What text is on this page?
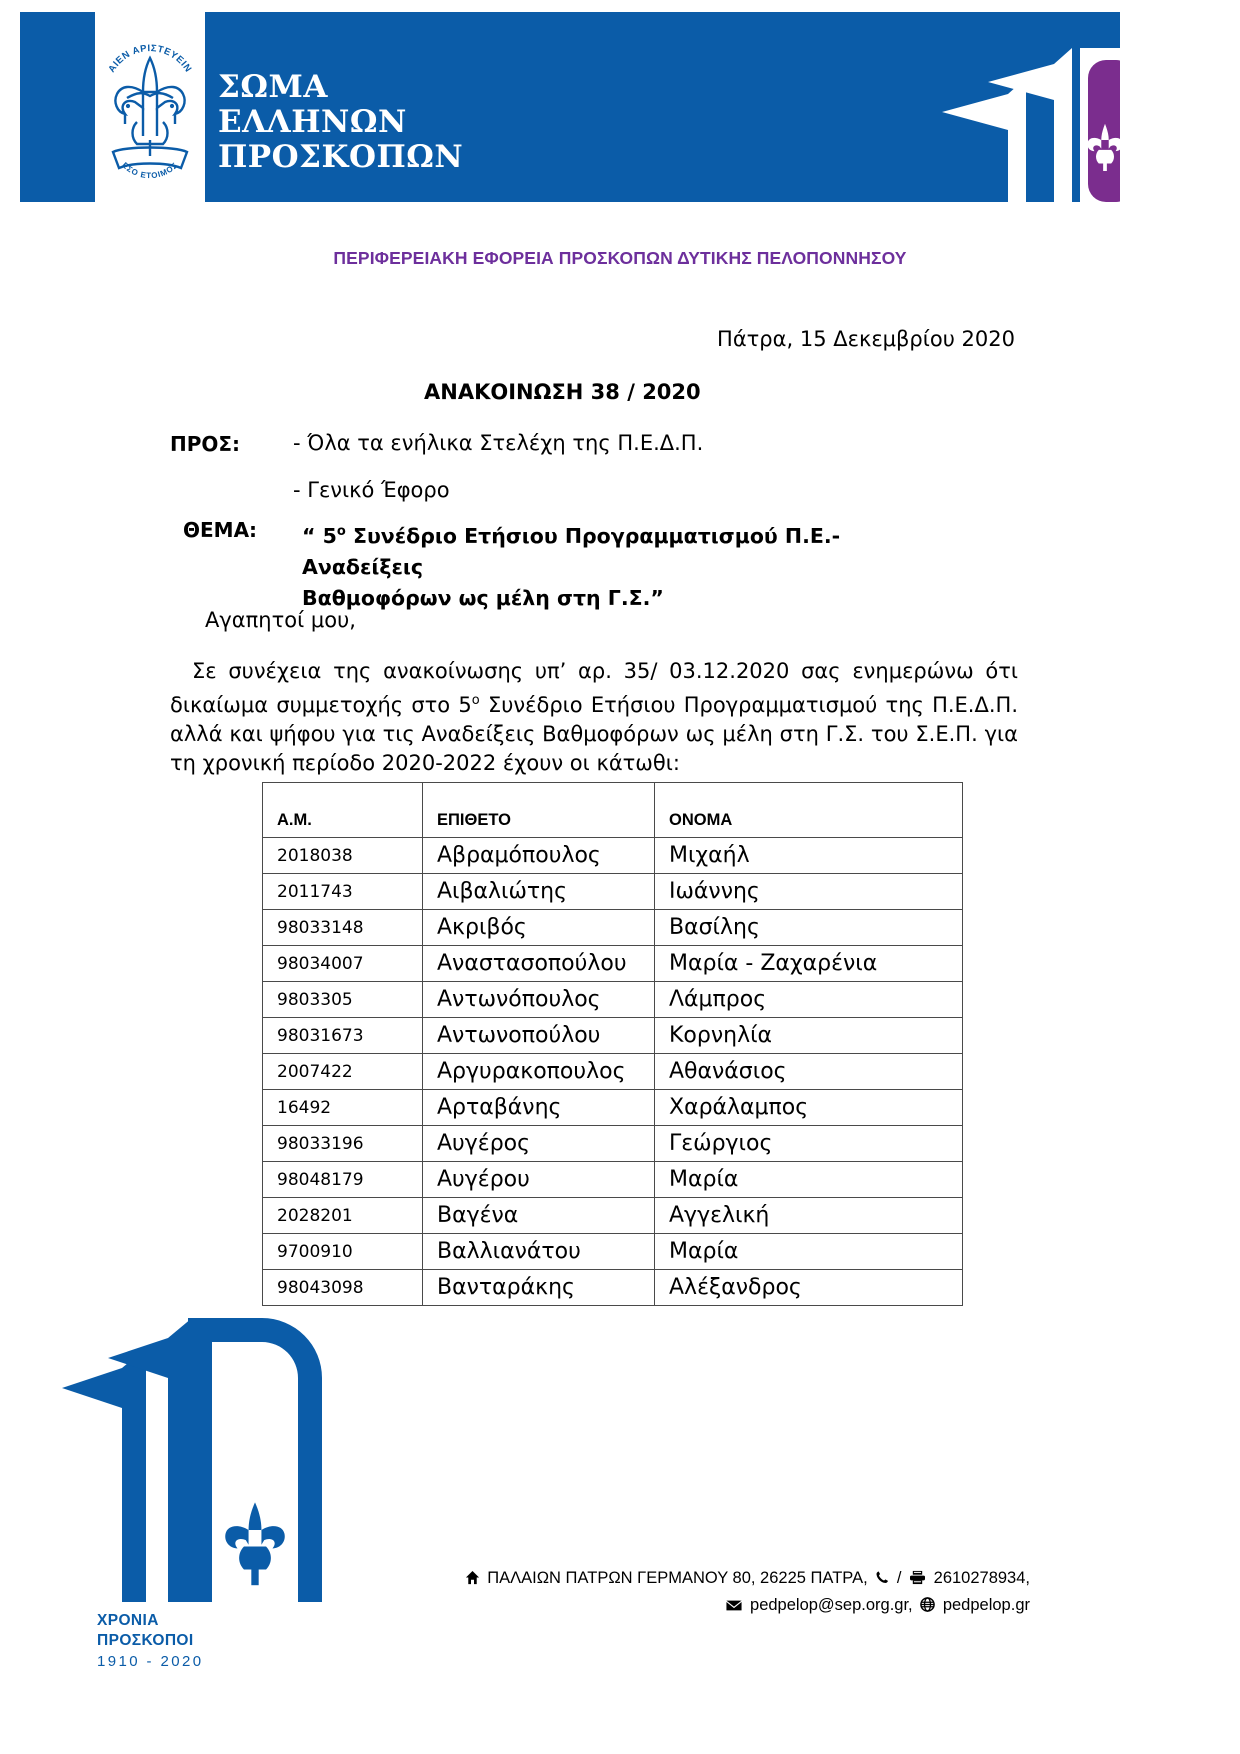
ΑΙΕΝ ΑΡΙΣΤΕΥΕΙΝ
ΕΣΟ ΕΤΟΙΜΟΣ
ΣΩΜΑ
ΕΛΛΗΝΩΝ
ΠΡΟΣΚΟΠΩΝ
ΠΕΡΙΦΕΡΕΙΑΚΗ ΕΦΟΡΕΙΑ ΠΡΟΣΚΟΠΩΝ ΔΥΤΙΚΗΣ ΠΕΛΟΠΟΝΝΗΣΟΥ
Πάτρα, 15 Δεκεμβρίου 2020
ΑΝΑΚΟΙΝΩΣΗ 38 / 2020
ΠΡΟΣ:	- Όλα τα ενήλικα Στελέχη της Π.Ε.Δ.Π.
- Γενικό Έφορο
ΘΕΜΑ: “ $5^o$ Συνέδριο Ετήσιου Προγραμματισμού Π.Ε.- Αναδείξεις
Βαθμοφόρων ως μέλη στη Γ.Σ.”
Αγαπητοί μου,
Σε συνέχεια της ανακοίνωσης υπ’ αρ. 35/ 03.12.2020 σας ενημερώνω ότι δικαίωμα συμμετοχής στο $5^o$ Συνέδριο Ετήσιου Προγραμματισμού της Π.Ε.Δ.Π. αλλά και ψήφου για τις Αναδείξεις Βαθμοφόρων ως μέλη στη Γ.Σ. του Σ.Ε.Π. για τη χρονική περίοδο 2020-2022 έχουν οι κάτωθι:
Α.Μ.	ΕΠΙΘΕΤΟ	ΟΝΟΜΑ
2018038	Αβραμόπουλος	Μιχαήλ
2011743	Αιβαλιώτης	Ιωάννης
98033148	Ακριβός	Βασίλης
98034007	Αναστασοπούλου	Μαρία - Ζαχαρένια
9803305	Αντωνόπουλος	Λάμπρος
98031673	Αντωνοπούλου	Κορνηλία
2007422	Αργυρακοπουλος	Αθανάσιος
16492	Αρταβάνης	Χαράλαμπος
98033196	Αυγέρος	Γεώργιος
98048179	Αυγέρου	Μαρία
2028201	Βαγένα	Αγγελική
9700910	Βαλλιανάτου	Μαρία
98043098	Βανταράκης	Αλέξανδρος
ΧΡΟΝΙΑ
ΠΡΟΣΚΟΠΟΙ
1910 - 2020
ΠΑΛΑΙΩΝ ΠΑΤΡΩΝ ΓΕΡΜΑΝΟΥ 80, 26225 ΠΑΤΡΑ, / 2610278934,
pedpelop@sep.org.gr, pedpelop.gr
